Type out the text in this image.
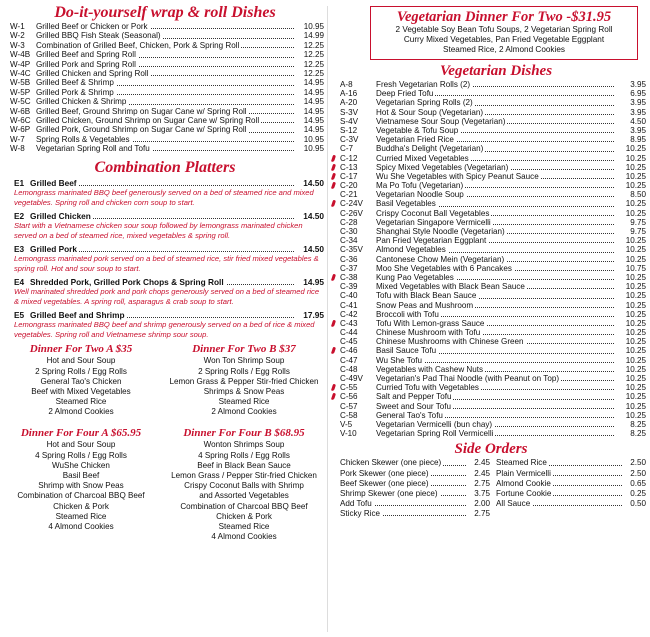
Do-it-yourself wrap & roll Dishes
W-1	Grilled Beef or Chicken or Pork	10.95
W-2	Grilled BBQ Fish Steak (Seasonal)	14.99
W-3	Combination of Grilled Beef, Chicken, Pork & Spring Roll	12.25
W-4B Grilled Beef and Spring Roll	12.25
W-4P Grilled Pork and Spring Roll	12.25
W-4C Grilled Chicken and Spring Roll	12.25
W-5B Grilled Beef & Shrimp	14.95
W-5P Grilled Pork & Shrimp	14.95
W-5C Grilled Chicken & Shrimp	14.95
W-6B Grilled Beef, Ground Shrimp on Sugar Cane w/ Spring Roll	14.95
W-6C Grilled Chicken, Ground Shrimp on Sugar Cane w/ Spring Roll	14.95
W-6P Grilled Pork, Ground Shrimp on Sugar Cane w/ Spring Roll	14.95
W-7	Spring Rolls & Vegetables	10.95
W-8	Vegetarian Spring Roll and Tofu	10.95
Combination Platters
E1 Grilled Beef	14.50
Lemongrass marinated BBQ beef generously served on a bed of steamed rice and mixed vegetables. Spring roll and chicken corn soup to start.
E2 Grilled Chicken	14.50
Start with a Vietnamese chicken sour soup followed by lemongrass marinated chicken served on a bed of steamed rice, mixed vegetables & spring roll.
E3 Grilled Pork	14.50
Lemongrass marinated pork served on a bed of steamed rice, stir fried mixed vegetables & spring roll. Hot and sour soup to start.
E4 Shredded Pork, Grilled Pork Chops & Spring Roll	14.95
Well marinated shredded pork and pork chops generously served on a bed of steamed rice & mixed vegetables. A spring roll, asparagus & crab soup to start.
E5 Grilled Beef and Shrimp	17.95
Lemongrass marinated BBQ beef and shrimp generously served on a bed of rice & mixed vegetables. Spring roll and Vietnamese shrimp sour soup.
Dinner For Two A $35
Hot and Sour Soup
2 Spring Rolls / Egg Rolls
General Tao's Chicken
Beef with Mixed Vegetables
Steamed Rice
2 Almond Cookies
Dinner For Two B $37
Won Ton Shrimp Soup
2 Spring Rolls / Egg Rolls
Lemon Grass & Pepper Stir-fried Chicken
Shrimps & Snow Peas
Steamed Rice
2 Almond Cookies
Dinner For Four A $65.95
Hot and Sour Soup
4 Spring Rolls / Egg Rolls
WuShe Chicken
Basil Beef
Shrimp with Snow Peas
Combination of Charcoal BBQ Beef
Chicken & Pork
Steamed Rice
4 Almond Cookies
Dinner For Four B $68.95
Wonton Shrimps Soup
4 Spring Rolls / Egg Rolls
Beef in Black Bean Sauce
Lemon Grass / Pepper Stir-fried Chicken
Crispy Coconut Balls with Shrimp
and Assorted Vegetables
Combination of Charcoal BBQ Beef
Chicken & Pork
Steamed Rice
4 Almond Cookies
Vegetarian Dinner For Two -$31.95
2 Vegetable Soy Bean Tofu Soups, 2 Vegetarian Spring Roll
Curry Mixed Vegetables, Pan Fried Vegetable Eggplant
Steamed Rice, 2 Almond Cookies
Vegetarian Dishes
A-8	Fresh Vegetarian Rolls (2)	3.95
A-16	Deep Fried Tofu	6.95
A-20	Vegetarian Spring Rolls (2)	3.95
S-3V	Hot & Sour Soup (Vegetarian)	3.95
S-4V	Vietnamese Sour Soup (Vegetarian)	4.50
S-12	Vegetable & Tofu Soup	3.95
C-3V	Vegetarian Fried Rice	8.95
C-7	Buddha's Delight (Vegetarian)	10.25
C-12	Curried Mixed Vegetables	10.25
C-13	Spicy Mixed Vegetables (Vegetarian)	10.25
C-17	Wu She Vegetables with Spicy Peanut Sauce	10.25
C-20	Ma Po Tofu (Vegetarian)	10.25
C-21	Vegetarian Noodle Soup	8.50
C-24V	Basil Vegetables	10.25
C-26V	Crispy Coconut Ball Vegetables	10.25
C-28	Vegetarian Singapore Vermicelli	9.75
C-30	Shanghai Style Noodle (Vegetarian)	9.75
C-34	Pan Fried Vegetarian Eggplant	10.25
C-35V	Almond Vegetables	10.25
C-36	Cantonese Chow Mein (Vegetarian)	10.25
C-37	Moo She Vegetables with 6 Pancakes	10.75
C-38	Kung Pao Vegetables	10.25
C-39	Mixed Vegetables with Black Bean Sauce	10.25
C-40	Tofu with Black Bean Sauce	10.25
C-41	Snow Peas and Mushroom	10.25
C-42	Broccoli with Tofu	10.25
C-43	Tofu With Lemon-grass Sauce	10.25
C-44	Chinese Mushroom with Tofu	10.25
C-45	Chinese Mushrooms with Chinese Green	10.25
C-46	Basil Sauce Tofu	10.25
C-47	Wu She Tofu	10.25
C-48	Vegetables with Cashew Nuts	10.25
C-49V	Vegetarian's Pad Thai Noodle (with Peanut on Top)	10.25
C-55	Curried Tofu with Vegetables	10.25
C-56	Salt and Pepper Tofu	10.25
C-57	Sweet and Sour Tofu	10.25
C-58	General Tao's Tofu	10.25
V-5	Vegetarian Vermicelli (bun chay)	8.25
V-10	Vegetarian Spring Roll Vermicelli	8.25
Side Orders
Chicken Skewer (one piece)	2.45
Pork Skewer (one piece)	2.45
Beef Skewer (one piece)	2.75
Shrimp Skewer (one piece)	3.75
Add Tofu	2.00
Sticky Rice	2.75
Steamed Rice	2.50
Plain Vermicelli	2.50
Almond Cookie	0.65
Fortune Cookie	0.25
All Sauce	0.50
